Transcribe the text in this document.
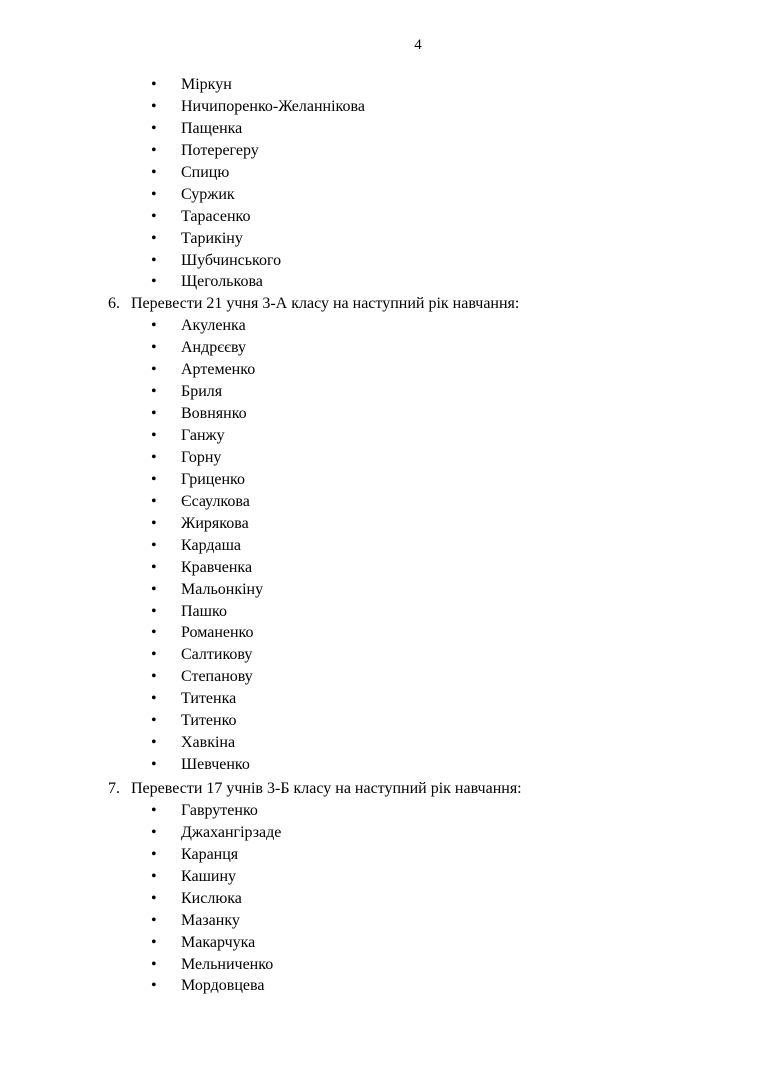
4
• Міркун
• Ничипоренко-Желаннікова
• Пащенка
• Потерегеру
• Спицю
• Суржик
• Тарасенко
• Тарикіну
• Шубчинського
• Щеголькова
6. Перевести 21 учня 3-А класу на наступний рік навчання:
• Акуленка
• Андрєєву
• Артеменко
• Бриля
• Вовнянко
• Ганжу
• Горну
• Гриценко
• Єсаулкова
• Жирякова
• Кардаша
• Кравченка
• Мальонкіну
• Пашко
• Романенко
• Салтикову
• Степанову
• Титенка
• Титенко
• Хавкіна
• Шевченко
7. Перевести 17 учнів 3-Б класу на наступний рік навчання:
• Гаврутенко
• Джахангірзаде
• Каранця
• Кашину
• Кислюка
• Мазанку
• Макарчука
• Мельниченко
• Мордовцева
